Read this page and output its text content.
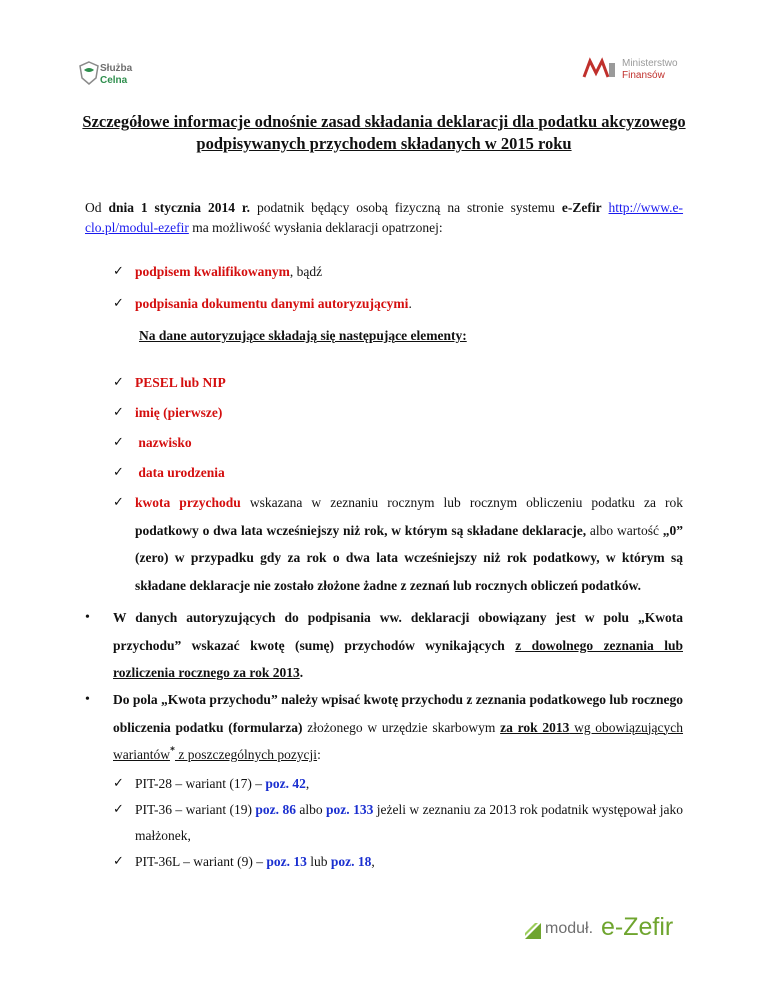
Służba
Celna
Ministerstwo
Finansów
Szczegółowe informacje odnośnie zasad składania deklaracji dla podatku akcyzowego podpisywanych przychodem składanych w 2015 roku

Od dnia 1 stycznia 2014 r. podatnik będący osobą fizyczną na stronie systemu e-Zefir http://www.e-clo.pl/modul-ezefir ma możliwość wysłania deklaracji opatrzonej:

✓ podpisem kwalifikowanym, bądź
✓ podpisania dokumentu danymi autoryzującymi.

Na dane autoryzujące składają się następujące elementy:

✓ PESEL lub NIP
✓ imię (pierwsze)
✓ nazwisko
✓ data urodzenia
✓ kwota przychodu wskazana w zeznaniu rocznym lub rocznym obliczeniu podatku za rok podatkowy o dwa lata wcześniejszy niż rok, w którym są składane deklaracje, albo wartość „0” (zero) w przypadku gdy za rok o dwa lata wcześniejszy niż rok podatkowy, w którym są składane deklaracje nie zostało złożone żadne z zeznań lub rocznych obliczeń podatków.
• W danych autoryzujących do podpisania ww. deklaracji obowiązany jest w polu „Kwota przychodu” wskazać kwotę (sumę) przychodów wynikających z dowolnego zeznania lub rozliczenia rocznego za rok 2013.
• Do pola „Kwota przychodu” należy wpisać kwotę przychodu z zeznania podatkowego lub rocznego obliczenia podatku (formularza) złożonego w urzędzie skarbowym za rok 2013 wg obowiązujących wariantów* z poszczególnych pozycji:
✓ PIT-28 – wariant (17) – poz. 42,
✓ PIT-36 – wariant (19) poz. 86 albo poz. 133 jeżeli w zeznaniu za 2013 rok podatnik występował jako małżonek,
✓ PIT-36L – wariant (9) – poz. 13 lub poz. 18,
moduł. e-Zefir
